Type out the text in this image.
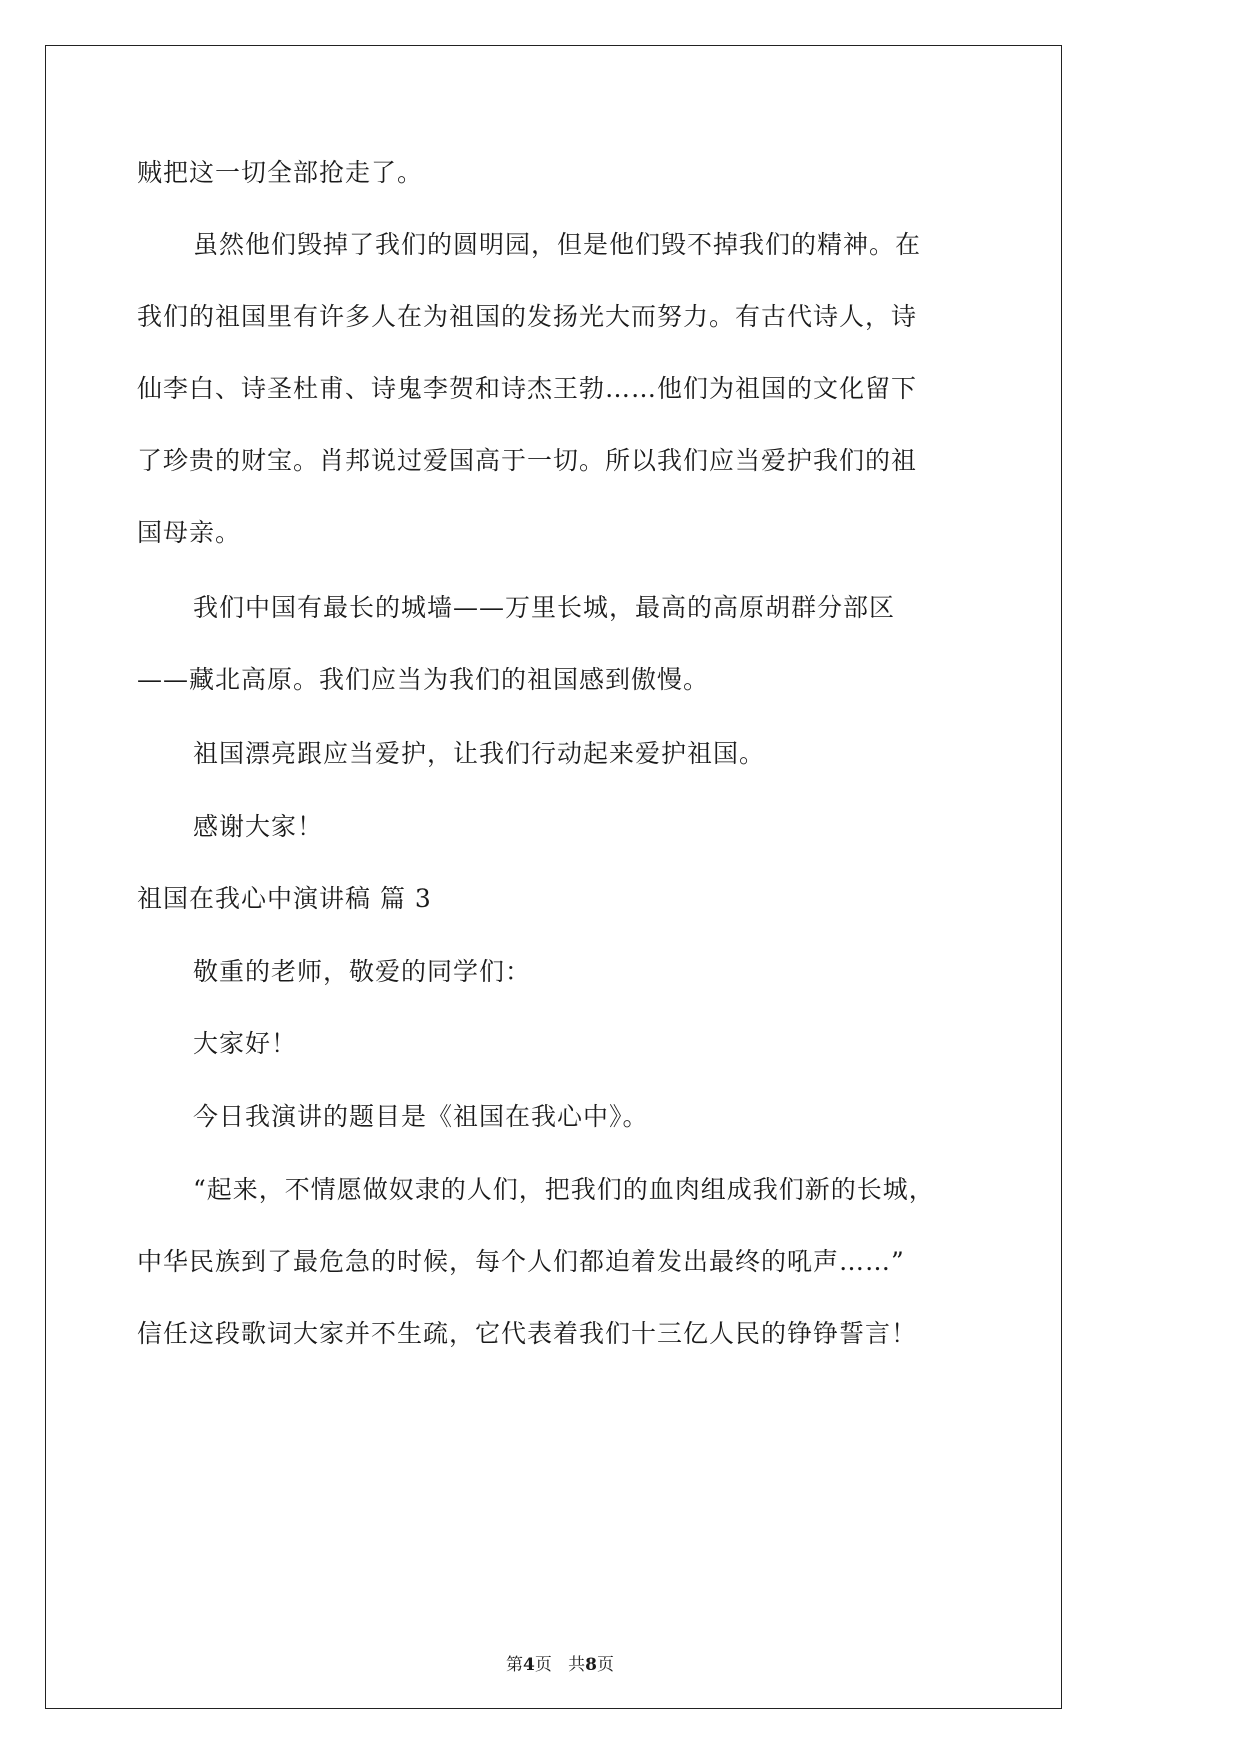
贼把这一切全部抢走了。
虽然他们毁掉了我们的圆明园，但是他们毁不掉我们的精神。在
我们的祖国里有许多人在为祖国的发扬光大而努力。有古代诗人，诗
仙李白、诗圣杜甫、诗鬼李贺和诗杰王勃……他们为祖国的文化留下
了珍贵的财宝。肖邦说过爱国高于一切。所以我们应当爱护我们的祖
国母亲。
我们中国有最长的城墙——万里长城，最高的高原胡群分部区
——藏北高原。我们应当为我们的祖国感到傲慢。
祖国漂亮跟应当爱护，让我们行动起来爱护祖国。
感谢大家！
祖国在我心中演讲稿 篇 3
敬重的老师，敬爱的同学们：
大家好！
今日我演讲的题目是《祖国在我心中》。
“起来，不情愿做奴隶的人们，把我们的血肉组成我们新的长城，
中华民族到了最危急的时候，每个人们都迫着发出最终的吼声……”
信任这段歌词大家并不生疏，它代表着我们十三亿人民的铮铮誓言！
第4页 共8页
